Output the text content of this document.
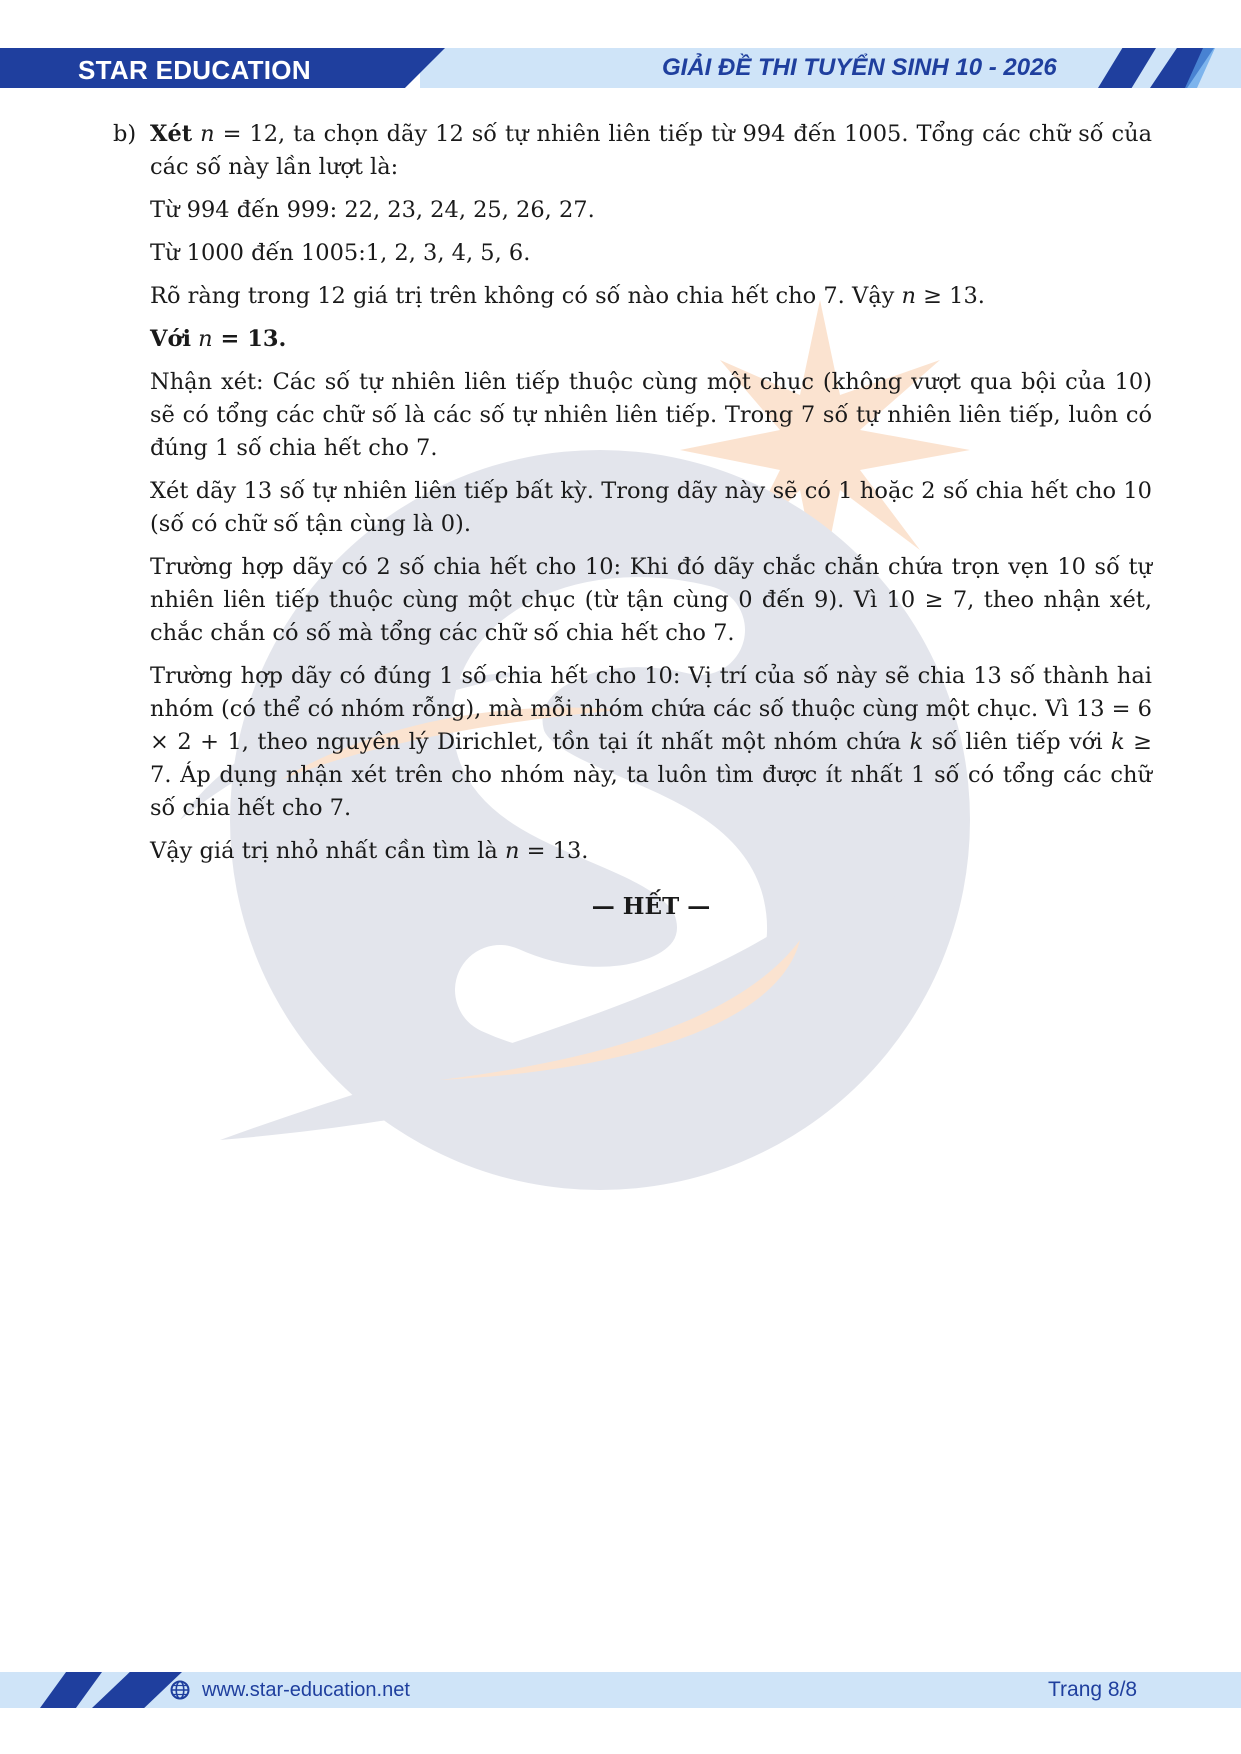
STAR EDUCATION	GIẢI ĐỀ THI TUYỂN SINH 10 - 2026

b) Xét n = 12, ta chọn dãy 12 số tự nhiên liên tiếp từ 994 đến 1005. Tổng các chữ số của các số này lần lượt là:

Từ 994 đến 999: 22, 23, 24, 25, 26, 27.

Từ 1000 đến 1005:1, 2, 3, 4, 5, 6.

Rõ ràng trong 12 giá trị trên không có số nào chia hết cho 7. Vậy n ≥ 13.

Với n = 13.

Nhận xét: Các số tự nhiên liên tiếp thuộc cùng một chục (không vượt qua bội của 10) sẽ có tổng các chữ số là các số tự nhiên liên tiếp. Trong 7 số tự nhiên liên tiếp, luôn có đúng 1 số chia hết cho 7.

Xét dãy 13 số tự nhiên liên tiếp bất kỳ. Trong dãy này sẽ có 1 hoặc 2 số chia hết cho 10 (số có chữ số tận cùng là 0).

Trường hợp dãy có 2 số chia hết cho 10: Khi đó dãy chắc chắn chứa trọn vẹn 10 số tự nhiên liên tiếp thuộc cùng một chục (từ tận cùng 0 đến 9). Vì 10 ≥ 7, theo nhận xét, chắc chắn có số mà tổng các chữ số chia hết cho 7.

Trường hợp dãy có đúng 1 số chia hết cho 10: Vị trí của số này sẽ chia 13 số thành hai nhóm (có thể có nhóm rỗng), mà mỗi nhóm chứa các số thuộc cùng một chục. Vì 13 = 6 × 2 + 1, theo nguyên lý Dirichlet, tồn tại ít nhất một nhóm chứa k số liên tiếp với k ≥ 7. Áp dụng nhận xét trên cho nhóm này, ta luôn tìm được ít nhất 1 số có tổng các chữ số chia hết cho 7.

Vậy giá trị nhỏ nhất cần tìm là n = 13.

— HẾT —
www.star-education.net	Trang 8/8
